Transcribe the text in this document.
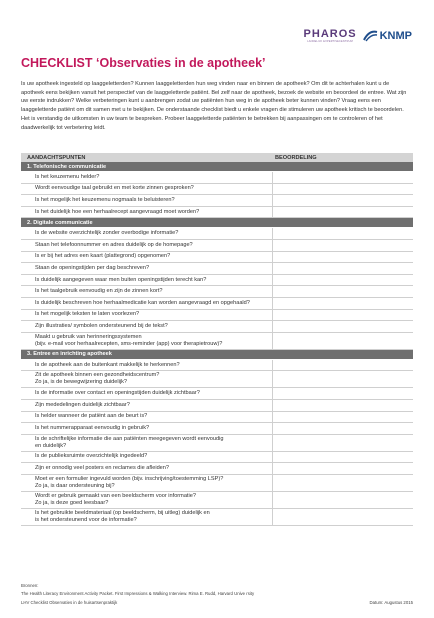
PHAROS
LANDELIJK EXPERTISECENTRUM KNMP
CHECKLIST ‘Observaties in de apotheek’
Is uw apotheek ingesteld op laaggeletterden? Kunnen laaggeletterden hun weg vinden naar en binnen de apotheek? Om dit te achterhalen kunt u de apotheek eens bekijken vanuit het perspectief van de laaggeletterde patiënt. Bel zelf naar de apotheek, bezoek de website en beoordeel de entree. Wat zijn uw eerste indrukken? Welke verbeteringen kunt u aanbrengen zodat uw patiënten hun weg in de apotheek beter kunnen vinden? Vraag eens een laaggeletterde patiënt om dit samen met u te bekijken. De onderstaande checklist biedt u enkele vragen die stimuleren uw apotheek kritisch te beoordelen. Het is verstandig de uitkomsten in uw team te bespreken. Probeer laaggeletterde patiënten te betrekken bij aanpassingen om te controleren of het daadwerkelijk tot verbetering leidt.
AANDACHTSPUNTEN	BEOORDELING
1. Telefonische communicatie
Is het keuzemenu helder?
Wordt eenvoudige taal gebruikt en met korte zinnen gesproken?
Is het mogelijk het keuzemenu nogmaals te beluisteren?
Is het duidelijk hoe een herhaalrecept aangevraagd moet worden?
2. Digitale communicatie
Is de website overzichtelijk zonder overbodige informatie?
Staan het telefoonnummer en adres duidelijk op de homepage?
Is er bij het adres een kaart (plattegrond) opgenomen?
Staan de openingstijden per dag beschreven?
Is duidelijk aangegeven waar men buiten openingstijden terecht kan?
Is het taalgebruik eenvoudig en zijn de zinnen kort?
Is duidelijk beschreven hoe herhaalmedicatie kan worden aangevraagd en opgehaald?
Is het mogelijk teksten te laten voorlezen?
Zijn illustraties/ symbolen ondersteunend bij de tekst?
Maakt u gebruik van herinneringssystemen
(bijv. e-mail voor herhaalrecepten, sms-reminder (app) voor therapietrouw)?
3. Entree en inrichting apotheek
Is de apotheek aan de buitenkant makkelijk te herkennen?
Zit de apotheek binnen een gezondheidscentrum?
Zo ja, is de bewegwijzering duidelijk?
Is de informatie over contact en openingstijden duidelijk zichtbaar?
Zijn mededelingen duidelijk zichtbaar?
Is helder wanneer de patiënt aan de beurt is?
Is het nummerapparaat eenvoudig in gebruik?
Is de schriftelijke informatie die aan patiënten meegegeven wordt eenvoudig
en duidelijk?
Is de publieksruimte overzichtelijk ingedeeld?
Zijn er onnodig veel posters en reclames die afleiden?
Moet er een formulier ingevuld worden (bijv. inschrijving/toestemming LSP)?
Zo ja, is daar ondersteuning bij?
Wordt er gebruik gemaakt van een beeldscherm voor informatie?
Zo ja, is deze goed leesbaar?
Is het gebruikte beeldmateriaal (op beeldscherm, bij uitleg) duidelijk en
is het ondersteunend voor de informatie?
Bronnen:
The Health Literacy Environment Activity Packet. First Impressions & Walking Interview. Rima E. Rudd, Harvard Unive rsity
LHV Checklist Observaties in de huisartsenpraktijk	Datum: Augustus 2015
